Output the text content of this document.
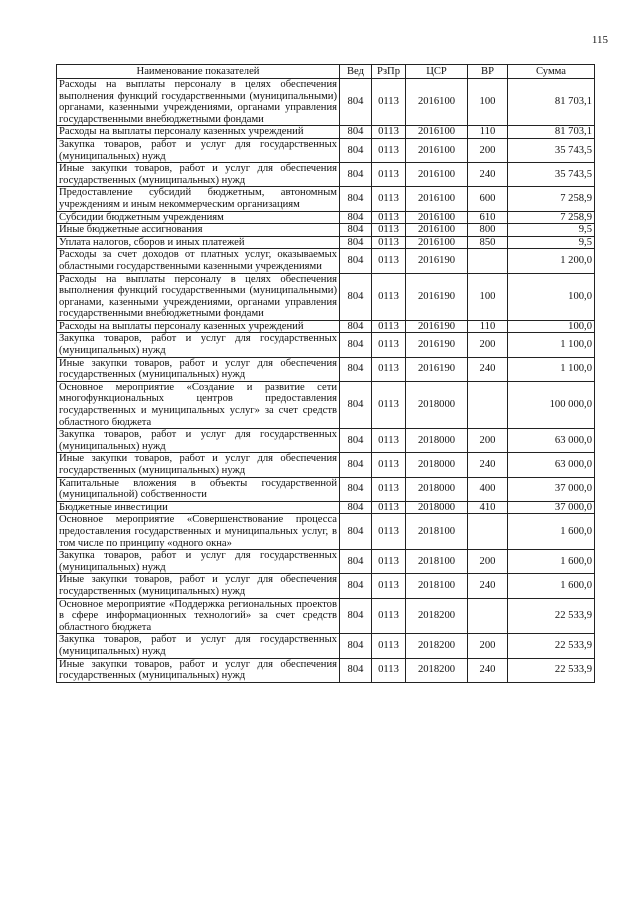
115
Наименование показателей	Вед	РзПр	ЦСР	ВР	Сумма
Расходы на выплаты персоналу в целях обеспечения выполнения функций государственными (муниципальными) органами, казенными учреждениями, органами управления государственными внебюджетными фондами	804	0113	2016100	100	81 703,1
Расходы на выплаты персоналу казенных учреждений	804	0113	2016100	110	81 703,1
Закупка товаров, работ и услуг для государственных (муниципальных) нужд	804	0113	2016100	200	35 743,5
Иные закупки товаров, работ и услуг для обеспечения государственных (муниципальных) нужд	804	0113	2016100	240	35 743,5
Предоставление субсидий бюджетным, автономным учреждениям и иным некоммерческим организациям	804	0113	2016100	600	7 258,9
Субсидии бюджетным учреждениям	804	0113	2016100	610	7 258,9
Иные бюджетные ассигнования	804	0113	2016100	800	9,5
Уплата налогов, сборов и иных платежей	804	0113	2016100	850	9,5
Расходы за счет доходов от платных услуг, оказываемых областными государственными казенными учреждениями	804	0113	2016190		1 200,0
Расходы на выплаты персоналу в целях обеспечения выполнения функций государственными (муниципальными) органами, казенными учреждениями, органами управления государственными внебюджетными фондами	804	0113	2016190	100	100,0
Расходы на выплаты персоналу казенных учреждений	804	0113	2016190	110	100,0
Закупка товаров, работ и услуг для государственных (муниципальных) нужд	804	0113	2016190	200	1 100,0
Иные закупки товаров, работ и услуг для обеспечения государственных (муниципальных) нужд	804	0113	2016190	240	1 100,0
Основное мероприятие «Создание и развитие сети многофункциональных центров предоставления государственных и муниципальных услуг» за счет средств областного бюджета	804	0113	2018000		100 000,0
Закупка товаров, работ и услуг для государственных (муниципальных) нужд	804	0113	2018000	200	63 000,0
Иные закупки товаров, работ и услуг для обеспечения государственных (муниципальных) нужд	804	0113	2018000	240	63 000,0
Капитальные вложения в объекты государственной (муниципальной) собственности	804	0113	2018000	400	37 000,0
Бюджетные инвестиции	804	0113	2018000	410	37 000,0
Основное мероприятие «Совершенствование процесса предоставления государственных и муниципальных услуг, в том числе по принципу «одного окна»	804	0113	2018100		1 600,0
Закупка товаров, работ и услуг для государственных (муниципальных) нужд	804	0113	2018100	200	1 600,0
Иные закупки товаров, работ и услуг для обеспечения государственных (муниципальных) нужд	804	0113	2018100	240	1 600,0
Основное мероприятие «Поддержка региональных проектов в сфере информационных технологий» за счет средств областного бюджета	804	0113	2018200		22 533,9
Закупка товаров, работ и услуг для государственных (муниципальных) нужд	804	0113	2018200	200	22 533,9
Иные закупки товаров, работ и услуг для обеспечения государственных (муниципальных) нужд	804	0113	2018200	240	22 533,9
